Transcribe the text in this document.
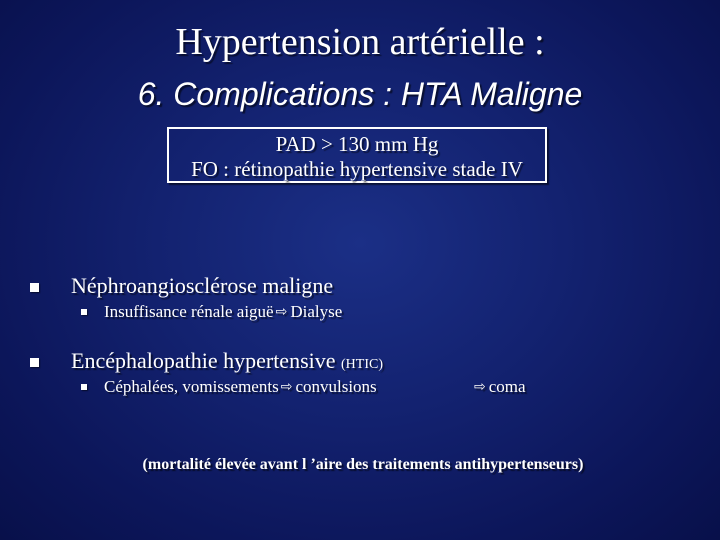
Hypertension artérielle :
6. Complications : HTA Maligne
PAD > 130 mm Hg
FO : rétinopathie hypertensive stade IV
Néphroangiosclérose maligne
Insuffisance rénale aiguë ⇨ Dialyse
Encéphalopathie hypertensive (HTIC)
Céphalées, vomissements ⇨ convulsions	⇨ coma
(mortalité élevée avant l ’aire des traitements antihypertenseurs)
